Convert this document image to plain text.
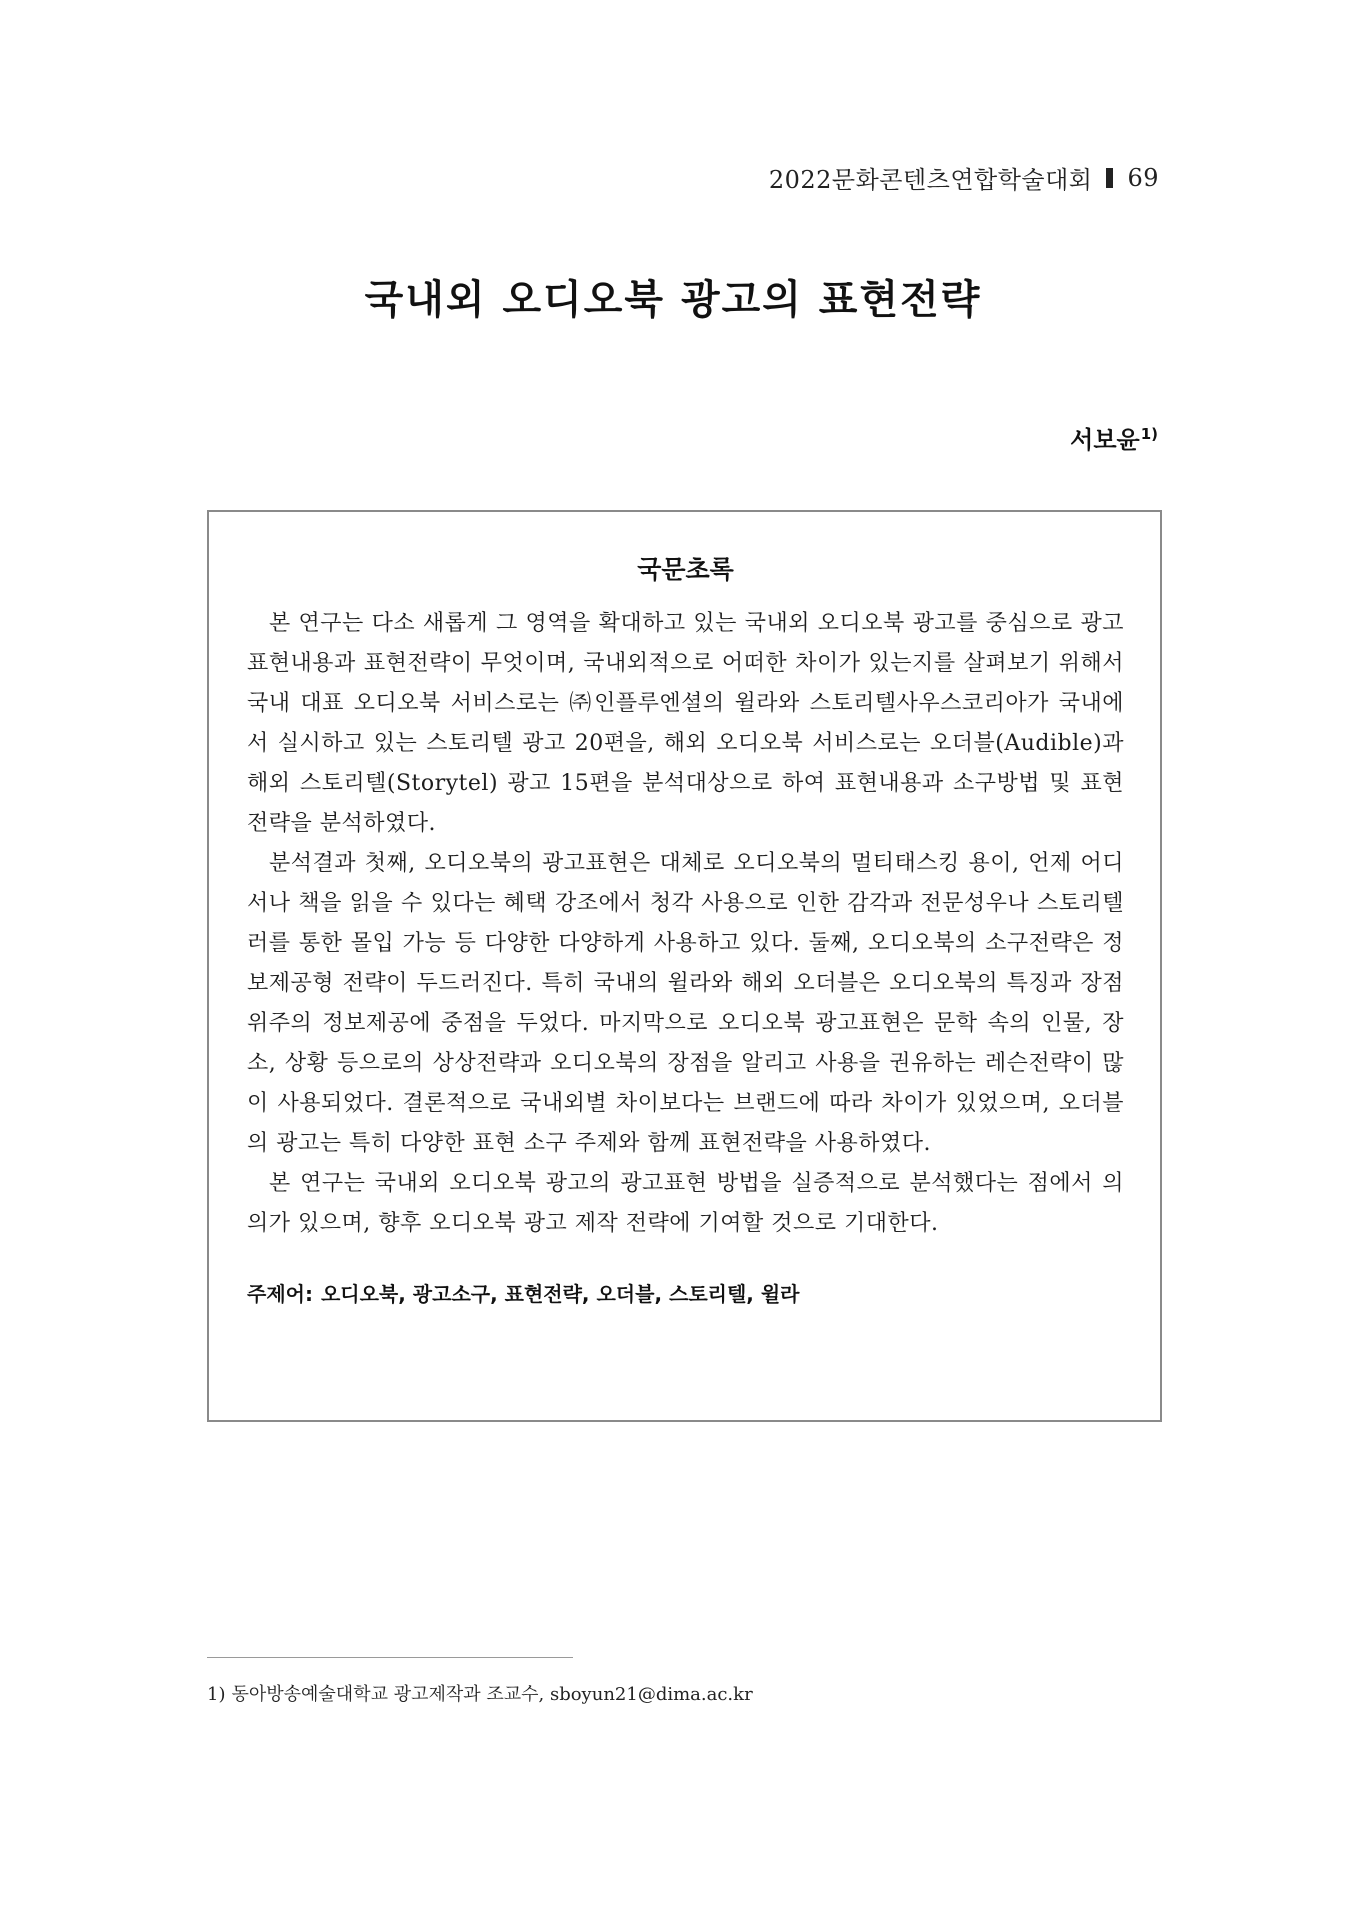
2022문화콘텐츠연합학술대회 69
국내외 오디오북 광고의 표현전략
서보윤$^{1)}$
국문초록

본 연구는 다소 새롭게 그 영역을 확대하고 있는 국내외 오디오북 광고를 중심으로 광고 표현내용과 표현전략이 무엇이며, 국내외적으로 어떠한 차이가 있는지를 살펴보기 위해서 국내 대표 오디오북 서비스로는 ㈜인플루엔셜의 윌라와 스토리텔사우스코리아가 국내에서 실시하고 있는 스토리텔 광고 20편을, 해외 오디오북 서비스로는 오더블(Audible)과 해외 스토리텔(Storytel) 광고 15편을 분석대상으로 하여 표현내용과 소구방법 및 표현전략을 분석하였다.

분석결과 첫째, 오디오북의 광고표현은 대체로 오디오북의 멀티태스킹 용이, 언제 어디서나 책을 읽을 수 있다는 혜택 강조에서 청각 사용으로 인한 감각과 전문성우나 스토리텔러를 통한 몰입 가능 등 다양한 다양하게 사용하고 있다. 둘째, 오디오북의 소구전략은 정보제공형 전략이 두드러진다. 특히 국내의 윌라와 해외 오더블은 오디오북의 특징과 장점 위주의 정보제공에 중점을 두었다. 마지막으로 오디오북 광고표현은 문학 속의 인물, 장소, 상황 등으로의 상상전략과 오디오북의 장점을 알리고 사용을 권유하는 레슨전략이 많이 사용되었다. 결론적으로 국내외별 차이보다는 브랜드에 따라 차이가 있었으며, 오더블의 광고는 특히 다양한 표현 소구 주제와 함께 표현전략을 사용하였다.

본 연구는 국내외 오디오북 광고의 광고표현 방법을 실증적으로 분석했다는 점에서 의의가 있으며, 향후 오디오북 광고 제작 전략에 기여할 것으로 기대한다.

주제어: 오디오북, 광고소구, 표현전략, 오더블, 스토리텔, 윌라
1) 동아방송예술대학교 광고제작과 조교수, sboyun21@dima.ac.kr
